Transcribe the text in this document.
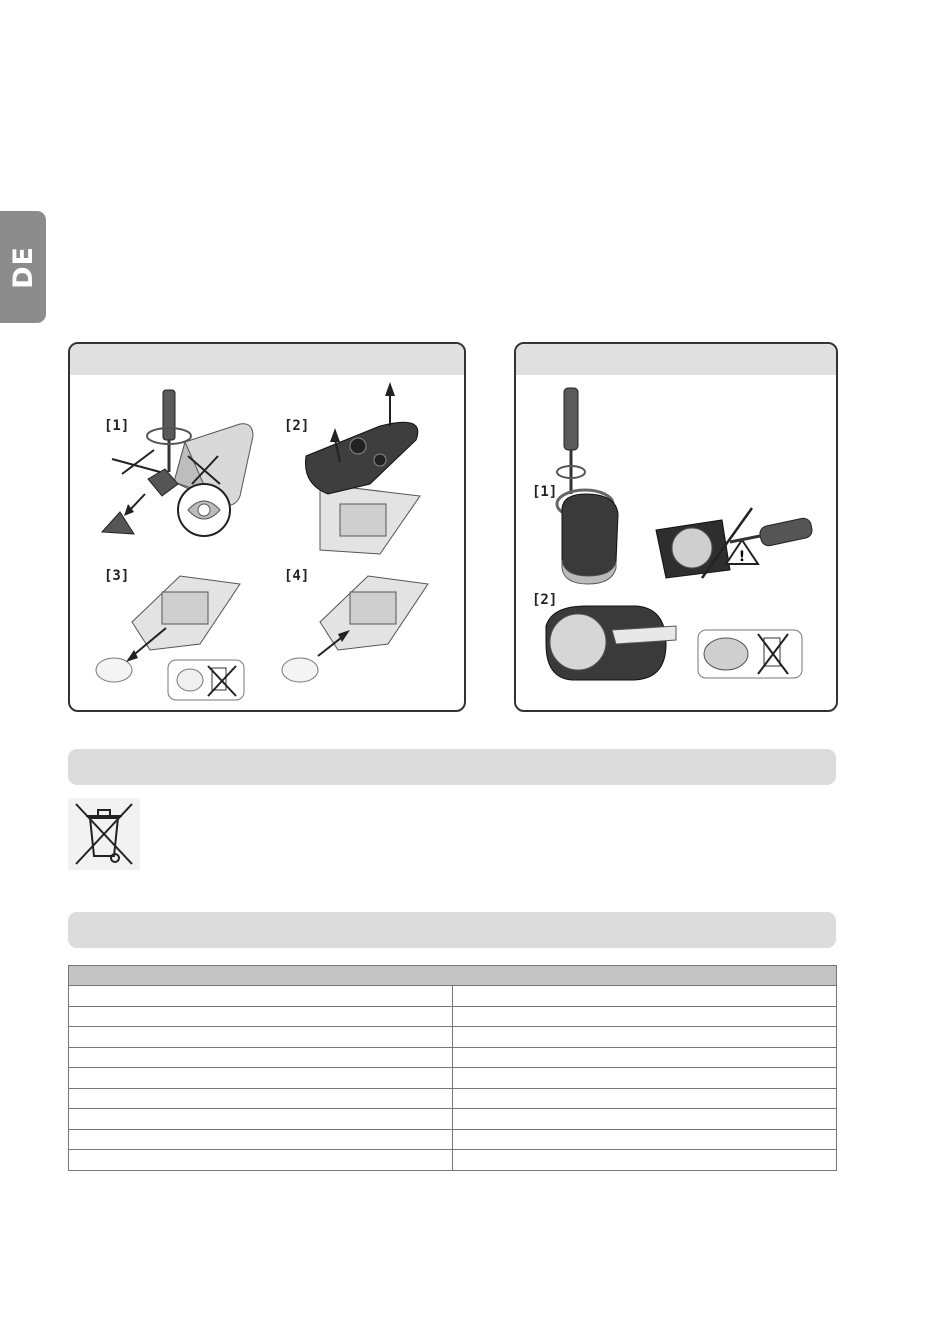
DE
[1]	[2]
[3]	[4]
!
[1]
[2]
